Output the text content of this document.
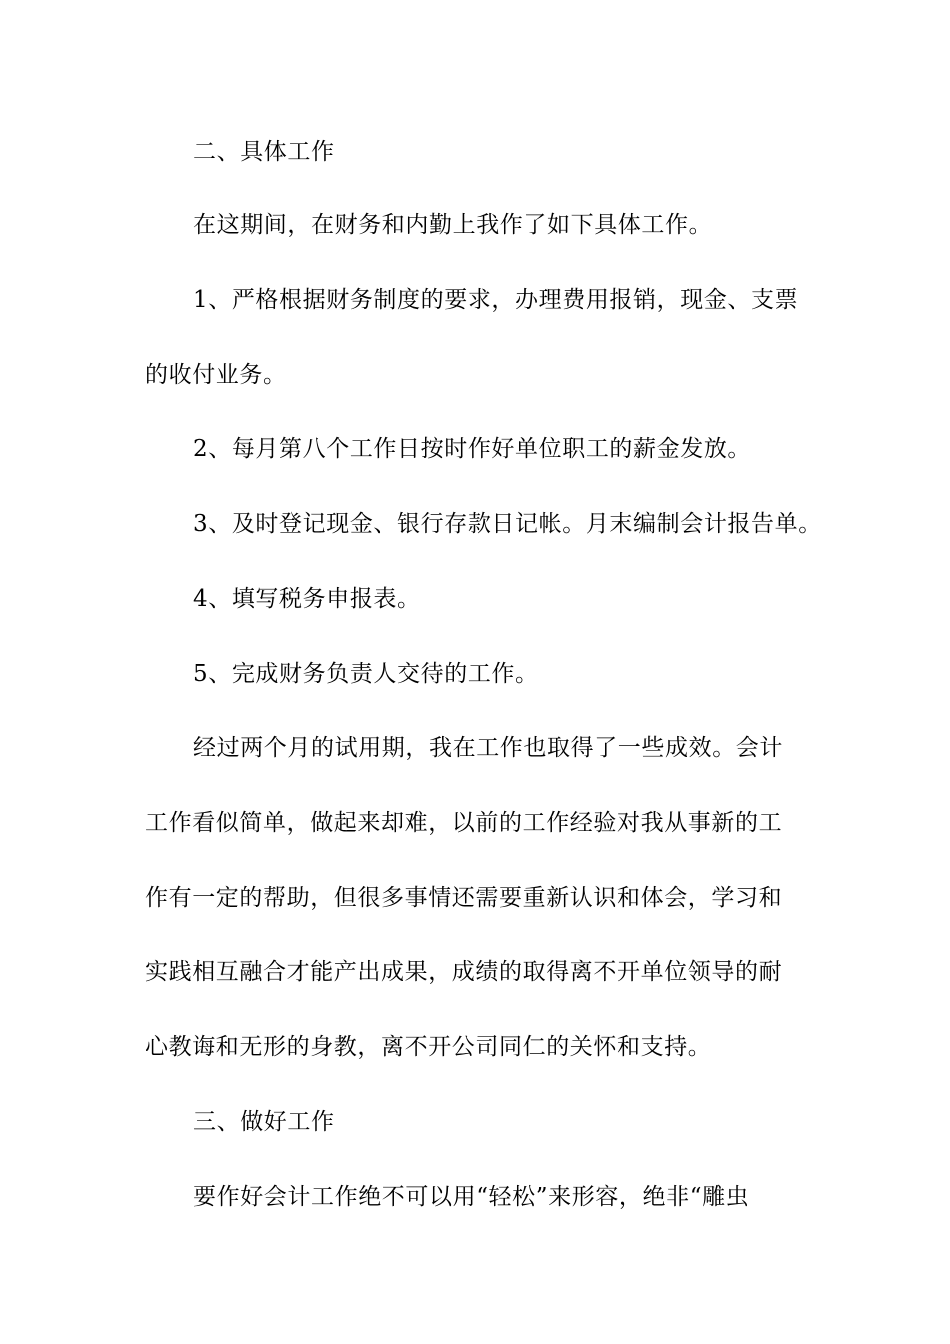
二、具体工作
在这期间，在财务和内勤上我作了如下具体工作。
1、严格根据财务制度的要求，办理费用报销，现金、支票
的收付业务。
2、每月第八个工作日按时作好单位职工的薪金发放。
3、及时登记现金、银行存款日记帐。月末编制会计报告单。
4、填写税务申报表。
5、完成财务负责人交待的工作。
经过两个月的试用期，我在工作也取得了一些成效。会计
工作看似简单，做起来却难，以前的工作经验对我从事新的工
作有一定的帮助，但很多事情还需要重新认识和体会，学习和
实践相互融合才能产出成果，成绩的取得离不开单位领导的耐
心教诲和无形的身教，离不开公司同仁的关怀和支持。
三、做好工作
要作好会计工作绝不可以用“轻松”来形容，绝非“雕虫
